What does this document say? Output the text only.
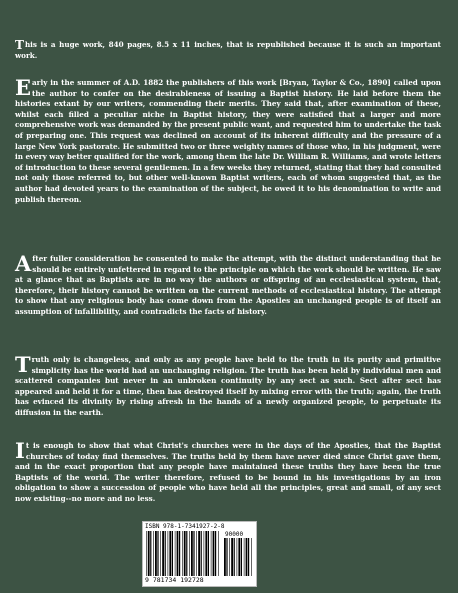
This is a huge work, 840 pages, 8.5 x 11 inches, that is republished because it is such an important work.

Early in the summer of A.D. 1882 the publishers of this work [Bryan, Taylor & Co., 1890] called upon the author to confer on the desirableness of issuing a Baptist history. He laid before them the histories extant by our writers, commending their merits. They said that, after examination of these, whilst each filled a peculiar niche in Baptist history, they were satisfied that a larger and more comprehensive work was demanded by the present public want, and requested him to undertake the task of preparing one. This request was declined on account of its inherent difficulty and the pressure of a large New York pastorate. He submitted two or three weighty names of those who, in his judgment, were in every way better qualified for the work, among them the late Dr. William R. Williams, and wrote letters of introduction to these several gentlemen. In a few weeks they returned, stating that they had consulted not only those referred to, but other well-known Baptist writers, each of whom suggested that, as the author had devoted years to the examination of the subject, he owed it to his denomination to write and publish thereon.

After fuller consideration he consented to make the attempt, with the distinct understanding that he should be entirely unfettered in regard to the principle on which the work should be written. He saw at a glance that as Baptists are in no way the authors or offspring of an ecclesiastical system, that, therefore, their history cannot be written on the current methods of ecclesiastical history. The attempt to show that any religious body has come down from the Apostles an unchanged people is of itself an assumption of infallibility, and contradicts the facts of history.

Truth only is changeless, and only as any people have held to the truth in its purity and primitive simplicity has the world had an unchanging religion. The truth has been held by individual men and scattered companies but never in an unbroken continuity by any sect as such. Sect after sect has appeared and held it for a time, then has destroyed itself by mixing error with the truth; again, the truth has evinced its divinity by rising afresh in the hands of a newly organized people, to perpetuate its diffusion in the earth.

It is enough to show that what Christ's churches were in the days of the Apostles, that the Baptist churches of today find themselves. The truths held by them have never died since Christ gave them, and in the exact proportion that any people have maintained these truths they have been the true Baptists of the world. The writer therefore, refused to be bound in his investigations by an iron obligation to show a succession of people who have held all the principles, great and small, of any sect now existing--no more and no less.

ISBN 978-1-7341927-2-8
90000
9 781734 192728
